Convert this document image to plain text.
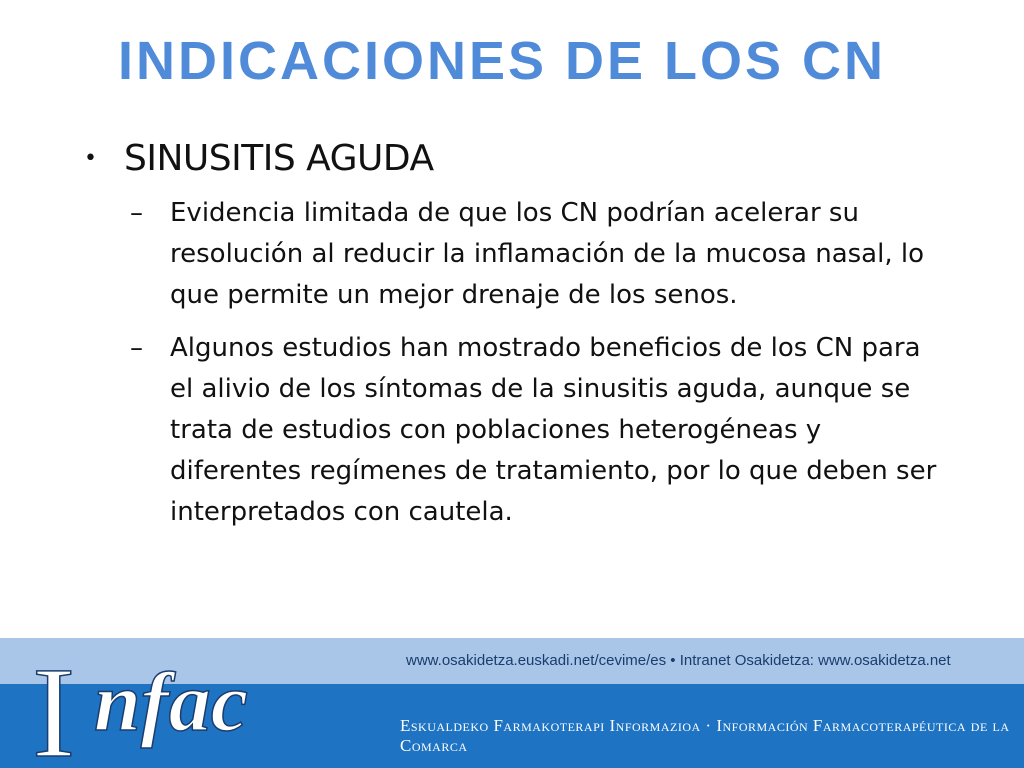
INDICACIONES DE LOS CN
• SINUSITIS AGUDA
–	Evidencia limitada de que los CN podrían acelerar su resolución al reducir la inflamación de la mucosa nasal, lo que permite un mejor drenaje de los senos.
–	Algunos estudios han mostrado beneficios de los CN para el alivio de los síntomas de la sinusitis aguda, aunque se trata de estudios con poblaciones heterogéneas y diferentes regímenes de tratamiento, por lo que deben ser interpretados con cautela.
www.osakidetza.euskadi.net/cevime/es • Intranet Osakidetza: www.osakidetza.net
Eskualdeko Farmakoterapi Informazioa · Información Farmacoterapéutica de la Comarca
I nfac
